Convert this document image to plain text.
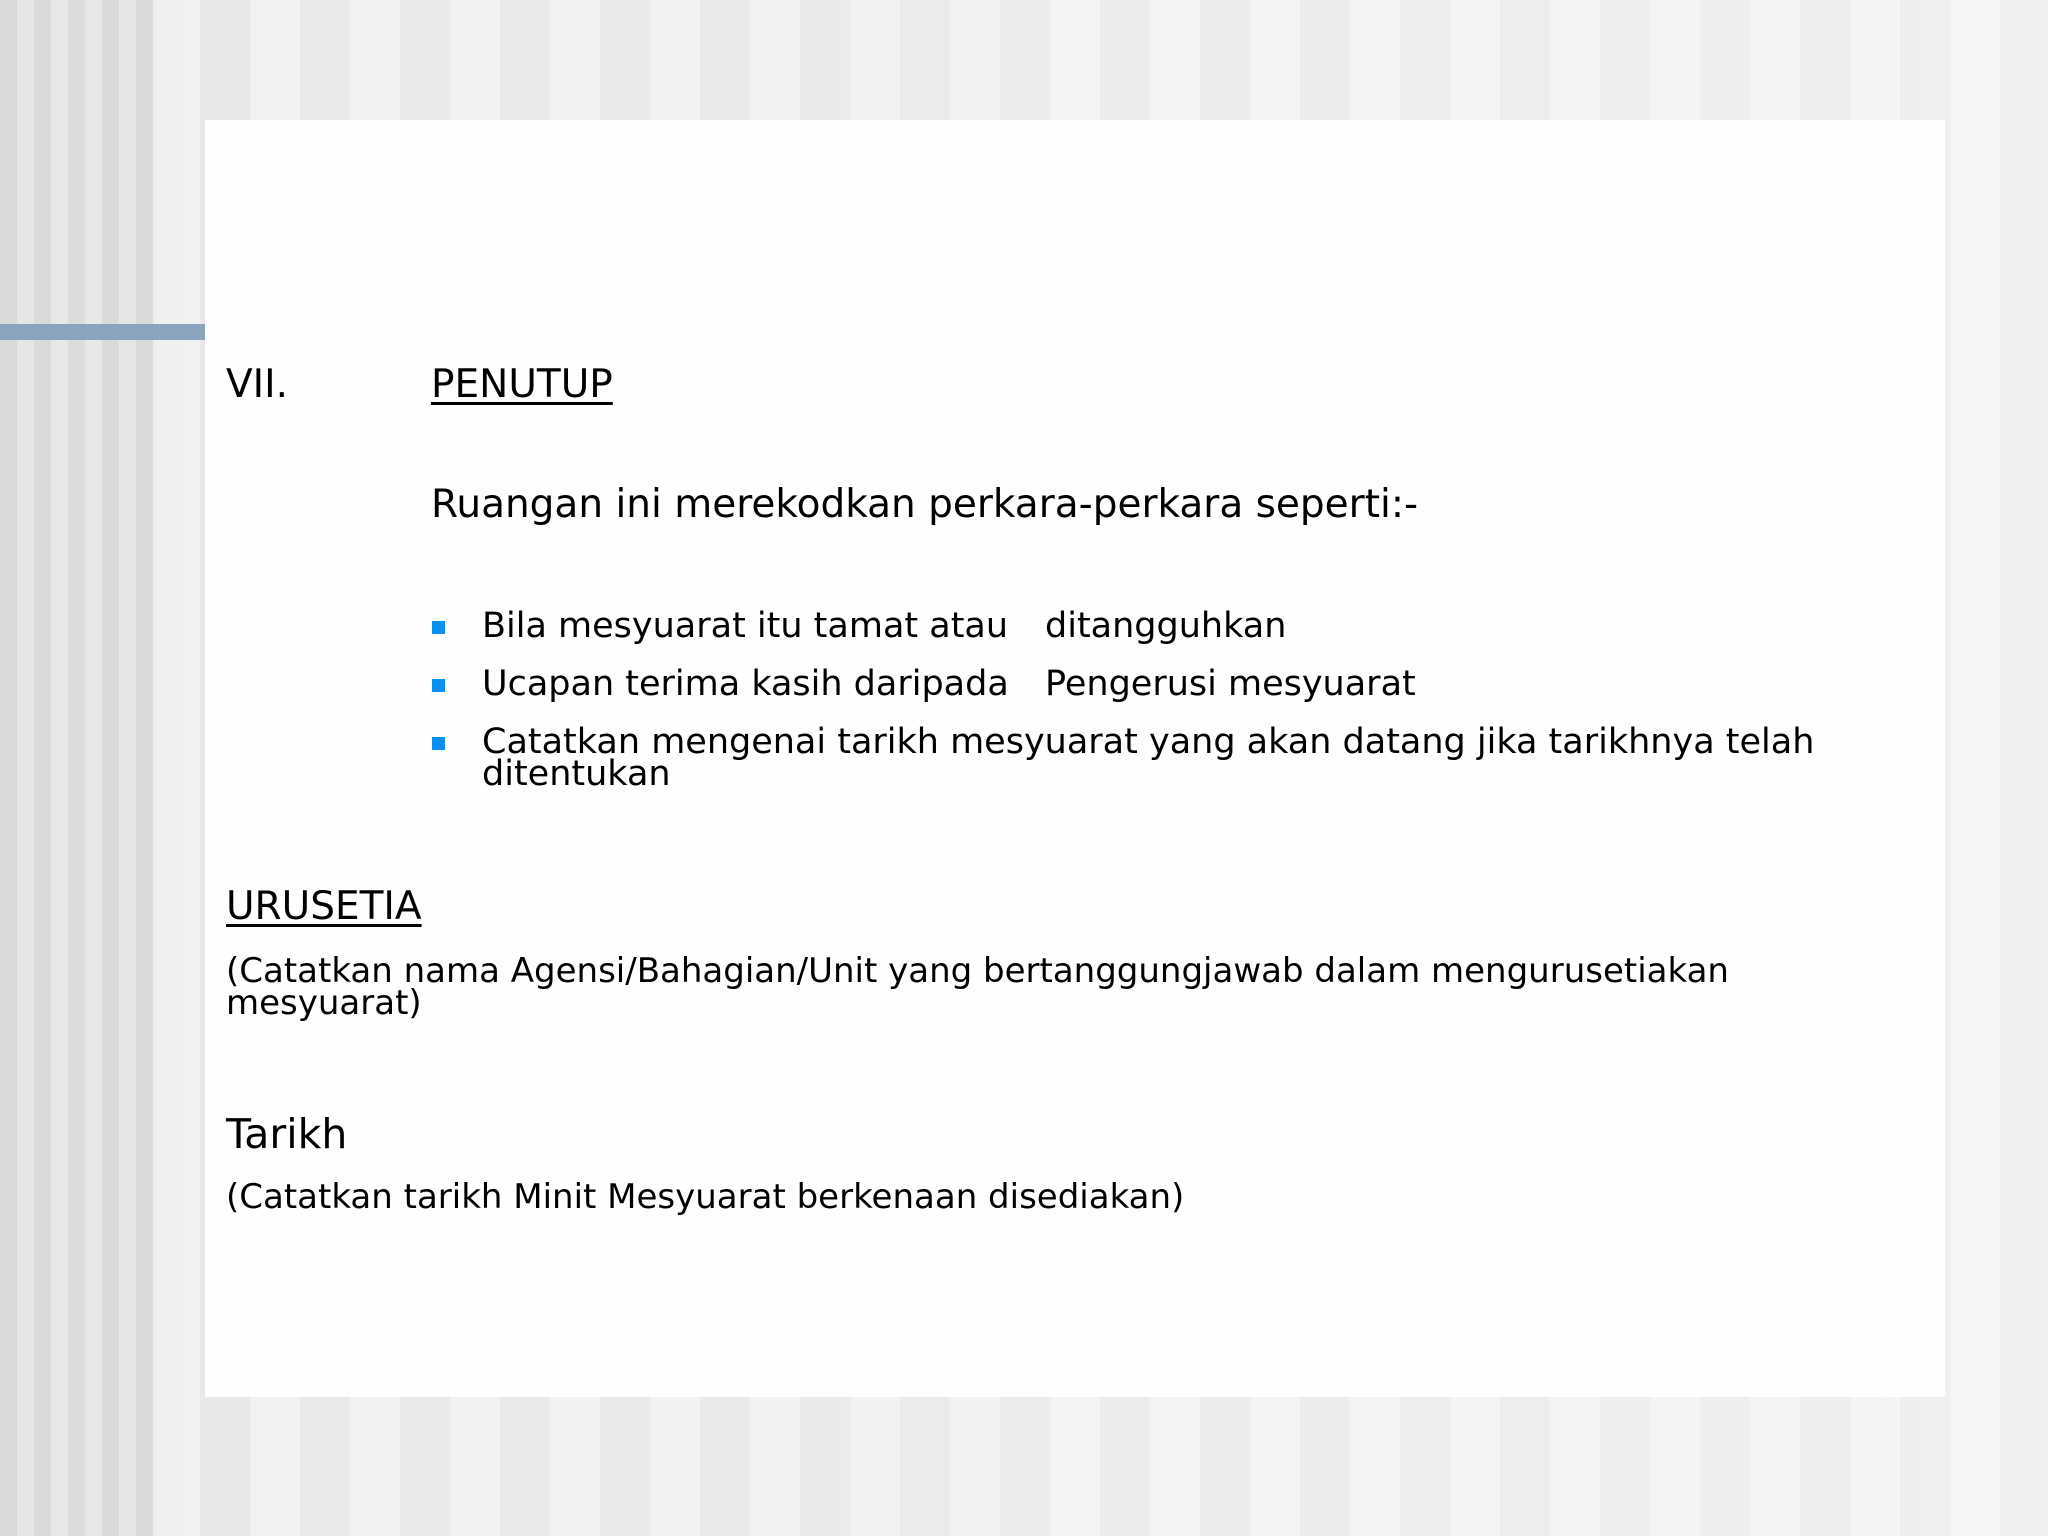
VII.	PENUTUP
Ruangan ini merekodkan perkara-perkara seperti:-
Bila mesyuarat itu tamat atau ditangguhkan
Ucapan terima kasih daripada Pengerusi mesyuarat
Catatkan mengenai tarikh mesyuarat yang akan datang jika tarikhnya telah
ditentukan
URUSETIA
(Catatkan nama Agensi/Bahagian/Unit yang bertanggungjawab dalam mengurusetiakan
mesyuarat)
Tarikh
(Catatkan tarikh Minit Mesyuarat berkenaan disediakan)
